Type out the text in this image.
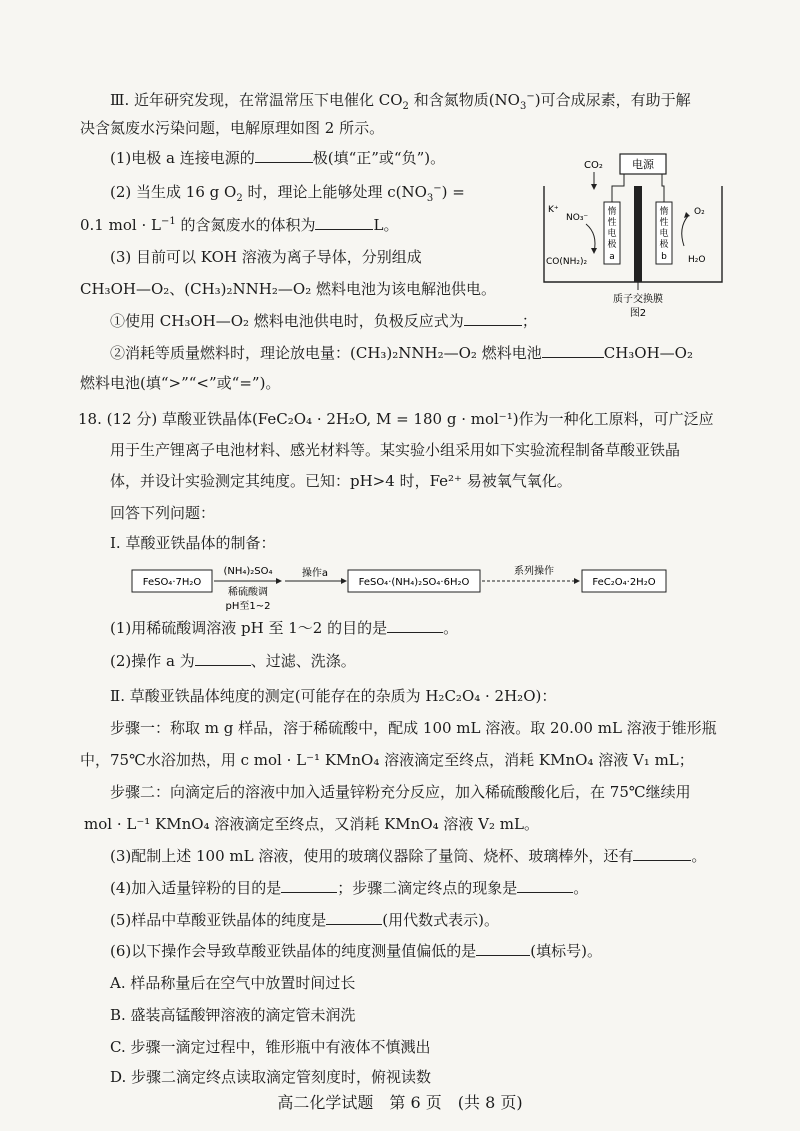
Ⅲ. 近年研究发现，在常温常压下电催化 $CO_2$ 和含氮物质$(NO_3^-)$可合成尿素，有助于解
决含氮废水污染问题，电解原理如图 2 所示。
(1)电极 a 连接电源的	极(填“正”或“负”)。
(2) 当生成 16 g $O_2$ 时，理论上能够处理 $c(NO_3^-)$ =
0.1 mol · $L^{-1}$ 的含氮废水的体积为	L。
(3) 目前可以 KOH 溶液为离子导体，分别组成
CH₃OH—O₂、(CH₃)₂NNH₂—O₂ 燃料电池为该电解池供电。
①使用 CH₃OH—O₂ 燃料电池供电时，负极反应式为	；
②消耗等质量燃料时，理论放电量：(CH₃)₂NNH₂—O₂ 燃料电池	CH₃OH—O₂
燃料电池(填“>”“<”或“=”)。
电源
CO₂
惰
性
电
极
a
惰
性
电
极
b
K⁺
NO₃⁻
CO(NH₂)₂
O₂
H₂O
质子交换膜
图2
18. (12 分) 草酸亚铁晶体(FeC₂O₄ · 2H₂O, M = 180 g · mol⁻¹)作为一种化工原料，可广泛应
用于生产锂离子电池材料、感光材料等。某实验小组采用如下实验流程制备草酸亚铁晶
体，并设计实验测定其纯度。已知：pH>4 时，Fe²⁺ 易被氧气氧化。
回答下列问题：
Ⅰ. 草酸亚铁晶体的制备：
FeSO₄·7H₂O
(NH₄)₂SO₄
稀硫酸调
pH至1~2
操作a
FeSO₄·(NH₄)₂SO₄·6H₂O
系列操作
FeC₂O₄·2H₂O
(1)用稀硫酸调溶液 pH 至 1～2 的目的是	。
(2)操作 a 为	、过滤、洗涤。
Ⅱ. 草酸亚铁晶体纯度的测定(可能存在的杂质为 H₂C₂O₄ · 2H₂O)：
步骤一：称取 m g 样品，溶于稀硫酸中，配成 100 mL 溶液。取 20.00 mL 溶液于锥形瓶
中，75℃水浴加热，用 c mol · L⁻¹ KMnO₄ 溶液滴定至终点，消耗 KMnO₄ 溶液 V₁ mL；
步骤二：向滴定后的溶液中加入适量锌粉充分反应，加入稀硫酸酸化后，在 75℃继续用
mol · L⁻¹ KMnO₄ 溶液滴定至终点，又消耗 KMnO₄ 溶液 V₂ mL。
(3)配制上述 100 mL 溶液，使用的玻璃仪器除了量筒、烧杯、玻璃棒外，还有	。
(4)加入适量锌粉的目的是	；步骤二滴定终点的现象是	。
(5)样品中草酸亚铁晶体的纯度是	(用代数式表示)。
(6)以下操作会导致草酸亚铁晶体的纯度测量值偏低的是	(填标号)。
A. 样品称量后在空气中放置时间过长
B. 盛装高锰酸钾溶液的滴定管未润洗
C. 步骤一滴定过程中，锥形瓶中有液体不慎溅出
D. 步骤二滴定终点读取滴定管刻度时，俯视读数
高二化学试题　第 6 页　(共 8 页)
